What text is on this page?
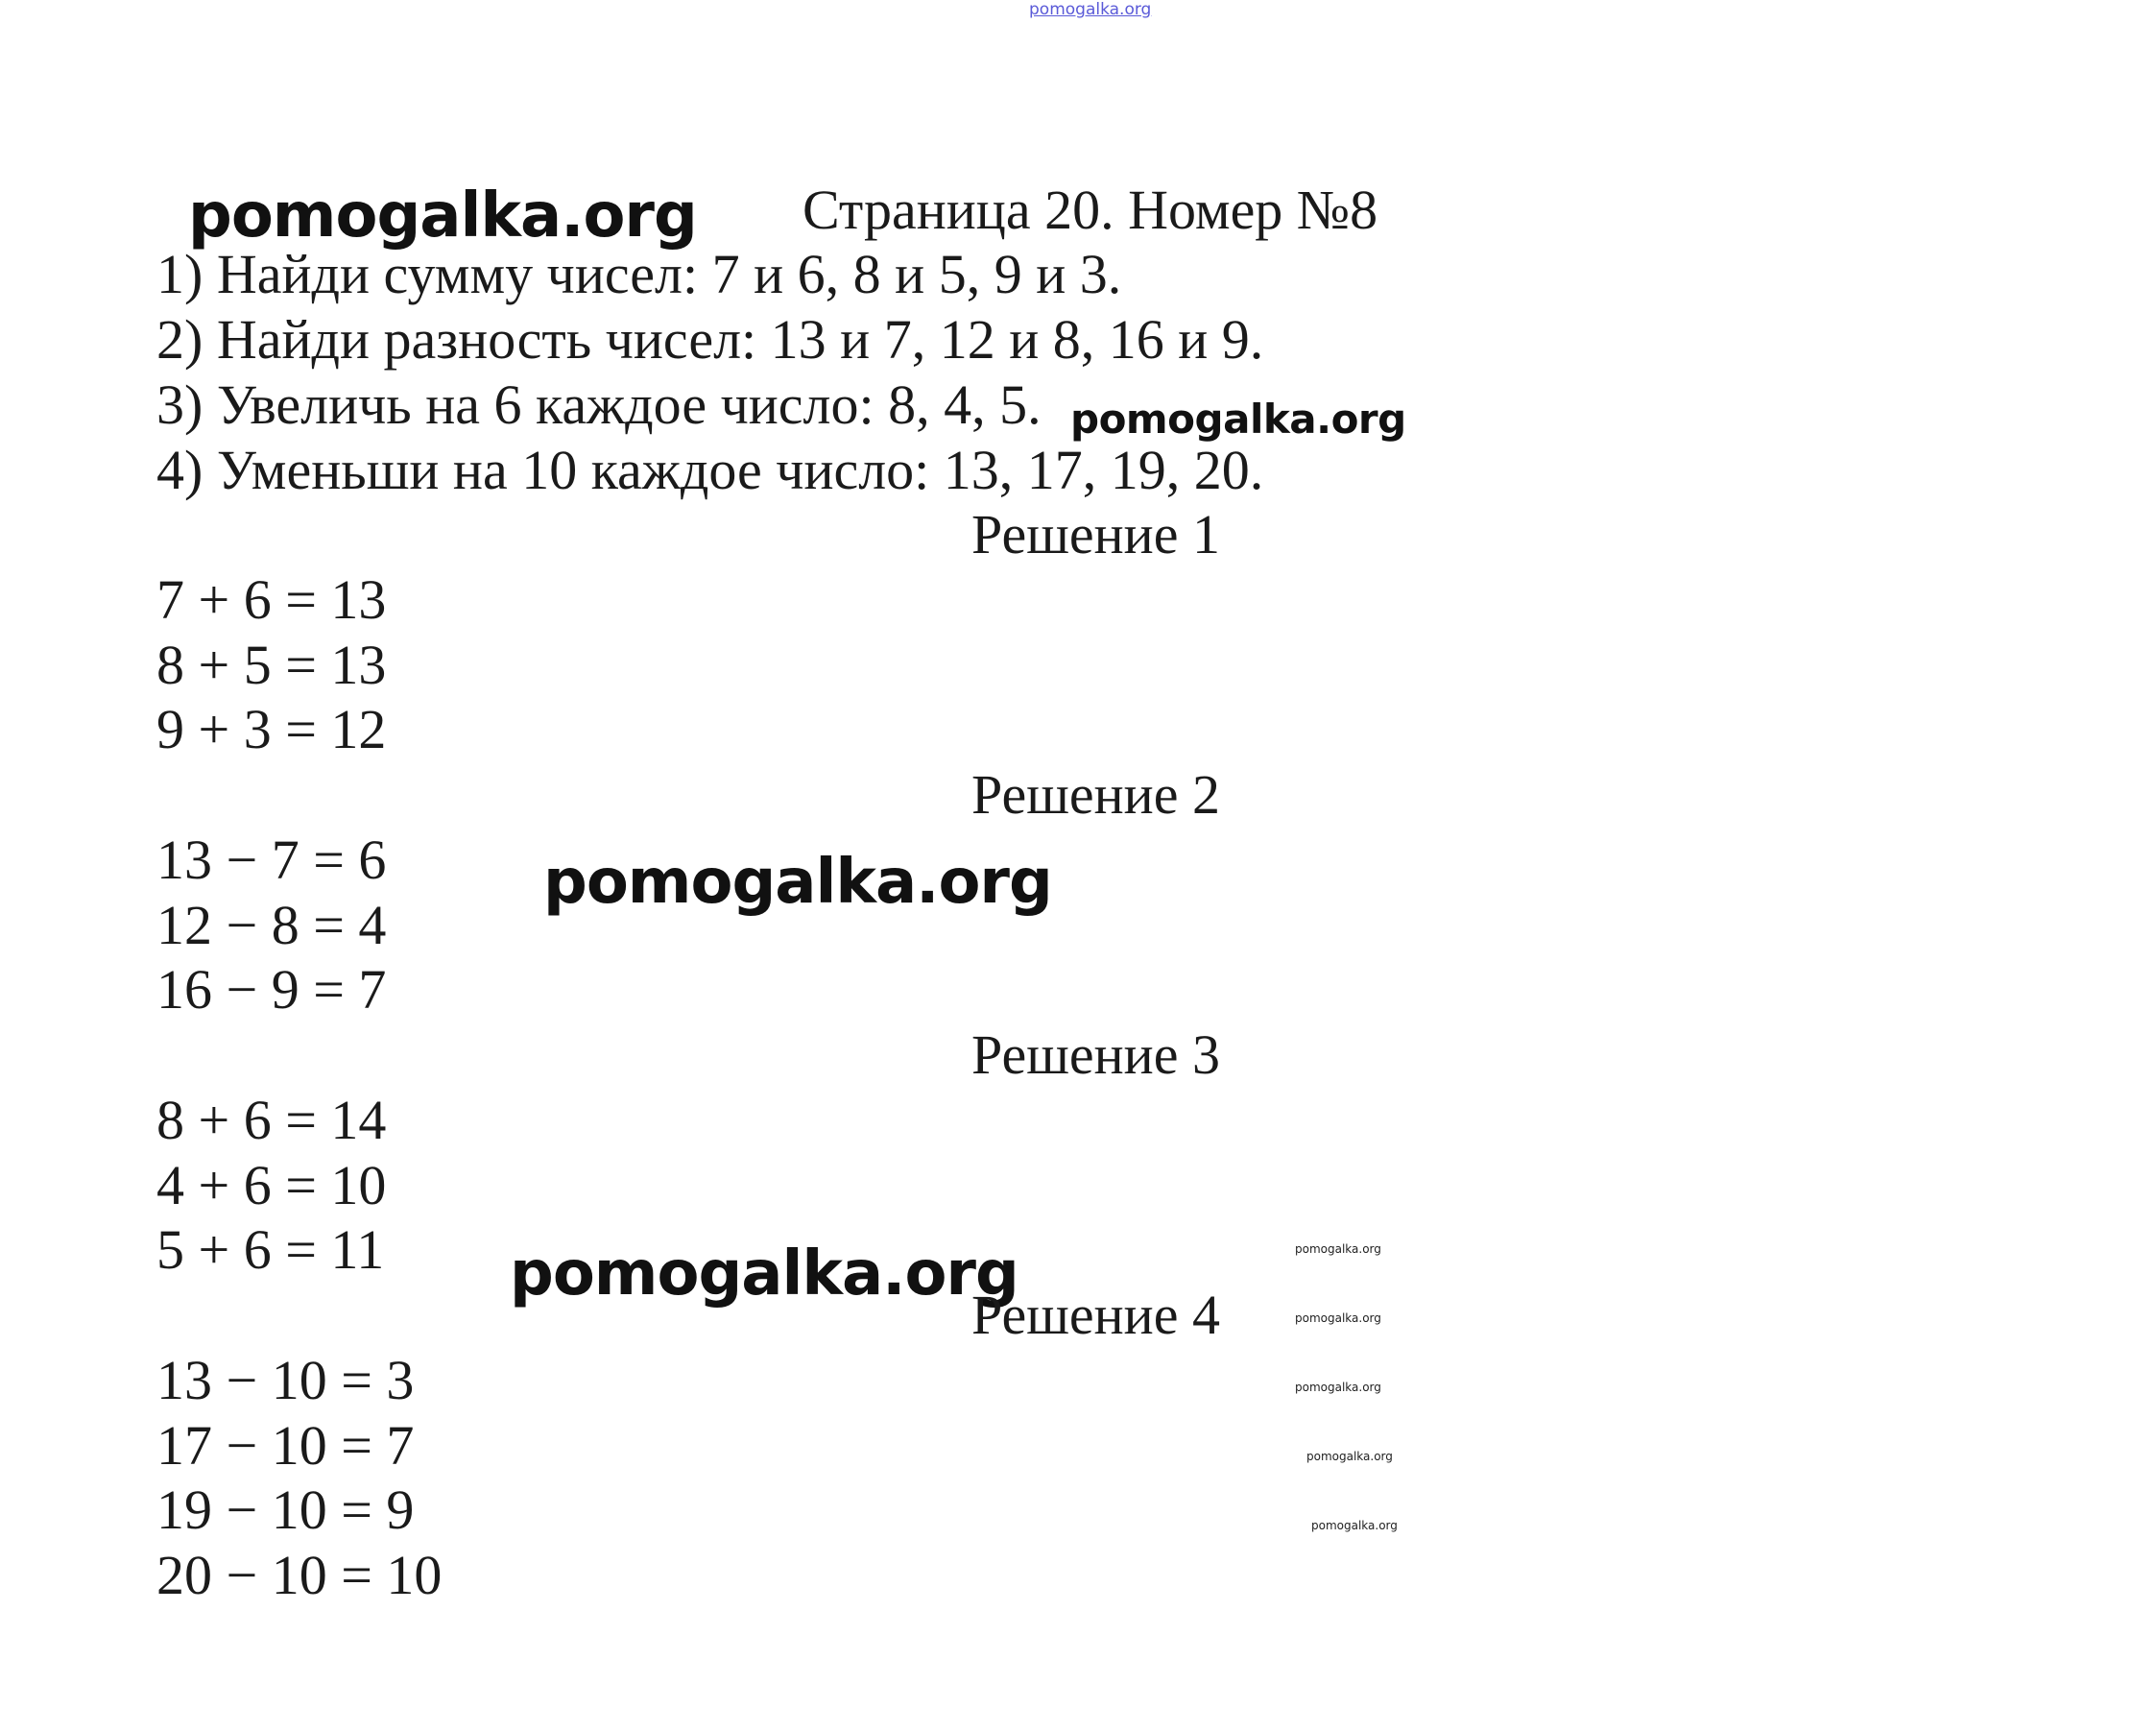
pomogalka.org
pomogalka.org
pomogalka.org
pomogalka.org
pomogalka.org	pomogalka.org
pomogalka.org
pomogalka.org
pomogalka.org
pomogalka.org
Страница 20. Номер №8
1) Найди сумму чисел: 7 и 6, 8 и 5, 9 и 3.
2) Найди разность чисел: 13 и 7, 12 и 8, 16 и 9.
3) Увеличь на 6 каждое число: 8, 4, 5.
4) Уменьши на 10 каждое число: 13, 17, 19, 20.
Решение 1
7 + 6 = 13
8 + 5 = 13
9 + 3 = 12
Решение 2
13 − 7 = 6
12 − 8 = 4
16 − 9 = 7
Решение 3
8 + 6 = 14
4 + 6 = 10
5 + 6 = 11
Решение 4
13 − 10 = 3
17 − 10 = 7
19 − 10 = 9
20 − 10 = 10
